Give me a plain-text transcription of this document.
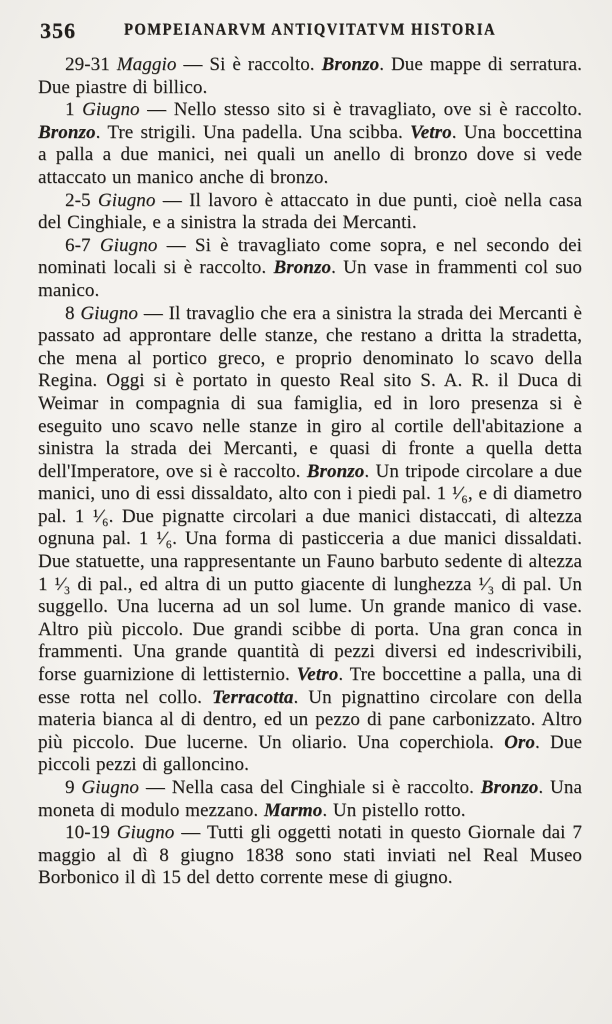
356	POMPEIANARVM ANTIQVITATVM HISTORIA

29-31 Maggio — Si è raccolto. Bronzo. Due mappe di serratura. Due piastre di billico.

1 Giugno — Nello stesso sito si è travagliato, ove si è raccolto. Bronzo. Tre strigili. Una padella. Una scibba. Vetro. Una boccettina a palla a due manici, nei quali un anello di bronzo dove si vede attaccato un manico anche di bronzo.

2-5 Giugno — Il lavoro è attaccato in due punti, cioè nella casa del Cinghiale, e a sinistra la strada dei Mercanti.

6-7 Giugno — Si è travagliato come sopra, e nel secondo dei nominati locali si è raccolto. Bronzo. Un vase in frammenti col suo manico.

8 Giugno — Il travaglio che era a sinistra la strada dei Mercanti è passato ad approntare delle stanze, che restano a dritta la stradetta, che mena al portico greco, e proprio denominato lo scavo della Regina. Oggi si è portato in questo Real sito S. A. R. il Duca di Weimar in compagnia di sua famiglia, ed in loro presenza si è eseguito uno scavo nelle stanze in giro al cortile dell'abitazione a sinistra la strada dei Mercanti, e quasi di fronte a quella detta dell'Imperatore, ove si è raccolto. Bronzo. Un tripode circolare a due manici, uno di essi dissaldato, alto con i piedi pal. 1 ¹⁄₆, e di diametro pal. 1 ¹⁄₆. Due pignatte circolari a due manici distaccati, di altezza ognuna pal. 1 ¹⁄₆. Una forma di pasticceria a due manici dissaldati. Due statuette, una rappresentante un Fauno barbuto sedente di altezza 1 ¹⁄₃ di pal., ed altra di un putto giacente di lunghezza ¹⁄₃ di pal. Un suggello. Una lucerna ad un sol lume. Un grande manico di vase. Altro più piccolo. Due grandi scibbe di porta. Una gran conca in frammenti. Una grande quantità di pezzi diversi ed indescrivibili, forse guarnizione di lettisternio. Vetro. Tre boccettine a palla, una di esse rotta nel collo. Terracotta. Un pignattino circolare con della materia bianca al di dentro, ed un pezzo di pane carbonizzato. Altro più piccolo. Due lucerne. Un oliario. Una coperchiola. Oro. Due piccoli pezzi di galloncino.

9 Giugno — Nella casa del Cinghiale si è raccolto. Bronzo. Una moneta di modulo mezzano. Marmo. Un pistello rotto.

10-19 Giugno — Tutti gli oggetti notati in questo Giornale dai 7 maggio al dì 8 giugno 1838 sono stati inviati nel Real Museo Borbonico il dì 15 del detto corrente mese di giugno.
